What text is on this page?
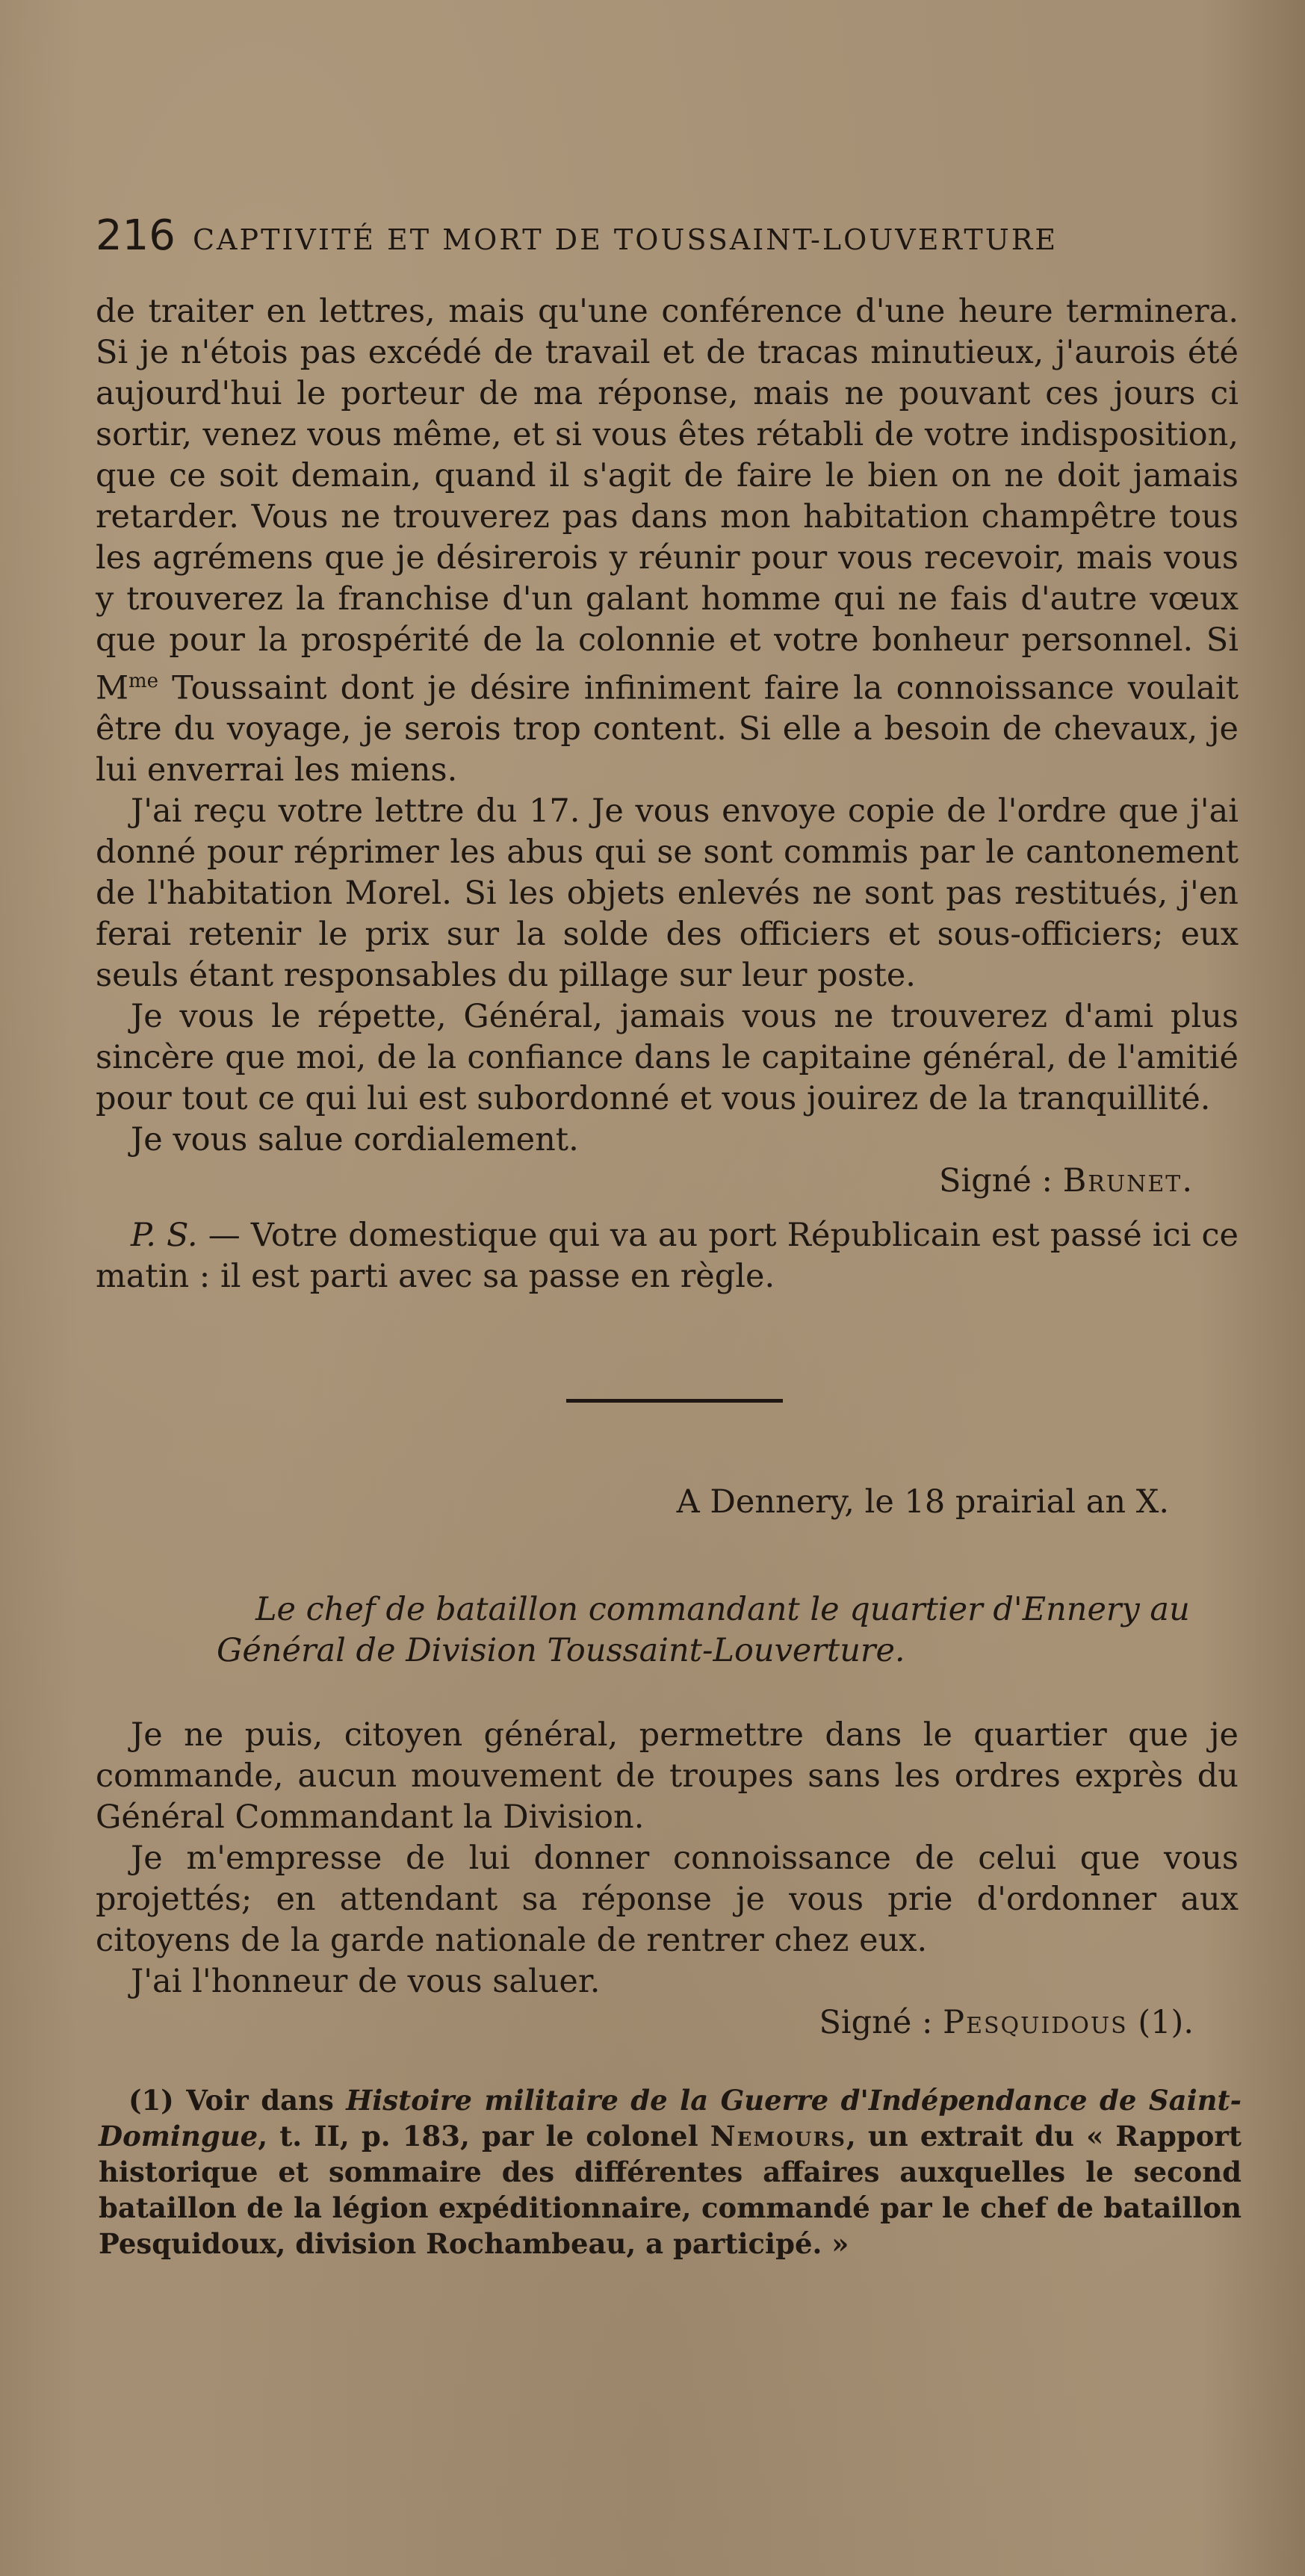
216 CAPTIVITÉ ET MORT DE TOUSSAINT-LOUVERTURE

de traiter en lettres, mais qu'une conférence d'une heure terminera. Si je n'étois pas excédé de travail et de tracas minutieux, j'aurois été aujourd'hui le porteur de ma réponse, mais ne pouvant ces jours ci sortir, venez vous même, et si vous êtes rétabli de votre indisposition, que ce soit demain, quand il s'agit de faire le bien on ne doit jamais retarder. Vous ne trouverez pas dans mon habitation champêtre tous les agrémens que je désirerois y réunir pour vous recevoir, mais vous y trouverez la franchise d'un galant homme qui ne fais d'autre vœux que pour la prospérité de la colonnie et votre bonheur personnel. Si $M^{me}$ Toussaint dont je désire infiniment faire la connoissance voulait être du voyage, je serois trop content. Si elle a besoin de chevaux, je lui enverrai les miens.

J'ai reçu votre lettre du 17. Je vous envoye copie de l'ordre que j'ai donné pour réprimer les abus qui se sont commis par le cantonement de l'habitation Morel. Si les objets enlevés ne sont pas restitués, j'en ferai retenir le prix sur la solde des officiers et sous-officiers; eux seuls étant responsables du pillage sur leur poste.

Je vous le répette, Général, jamais vous ne trouverez d'ami plus sincère que moi, de la confiance dans le capitaine général, de l'amitié pour tout ce qui lui est subordonné et vous jouirez de la tranquillité.

Je vous salue cordialement.

Signé : Brunet.

P. S. — Votre domestique qui va au port Républicain est passé ici ce matin : il est parti avec sa passe en règle.

A Dennery, le 18 prairial an X.
Le chef de bataillon commandant le quartier d'Ennery au Général de Division Toussaint-Louverture.

Je ne puis, citoyen général, permettre dans le quartier que je commande, aucun mouvement de troupes sans les ordres exprès du Général Commandant la Division.

Je m'empresse de lui donner connoissance de celui que vous projettés; en attendant sa réponse je vous prie d'ordonner aux citoyens de la garde nationale de rentrer chez eux.

J'ai l'honneur de vous saluer.

Signé : Pesquidous (1).

(1) Voir dans Histoire militaire de la Guerre d'Indépendance de Saint-Domingue, t. II, p. 183, par le colonel Nemours, un extrait du « Rapport historique et sommaire des différentes affaires auxquelles le second bataillon de la légion expéditionnaire, commandé par le chef de bataillon Pesquidoux, division Rochambeau, a participé. »
